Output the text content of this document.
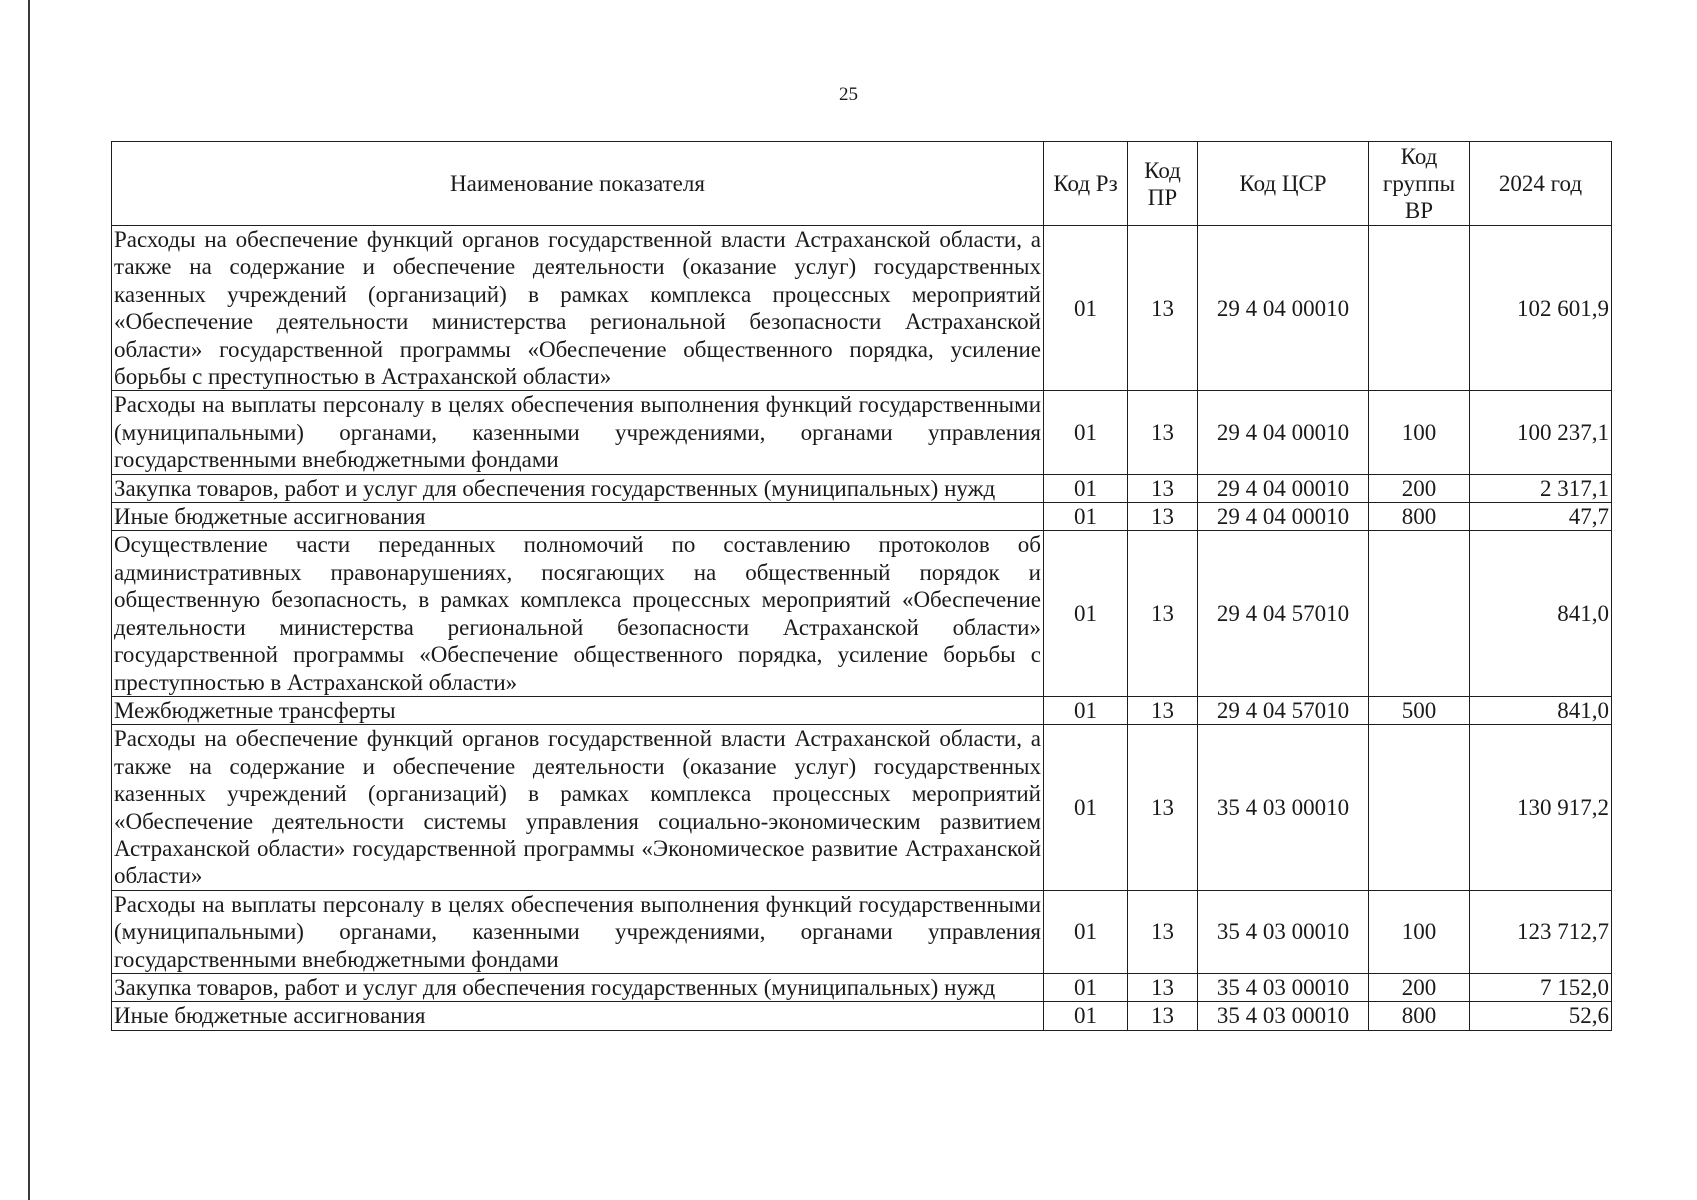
25
Наименование показателя	Код Рз	Код ПР	Код ЦСР	Код группы ВР	2024 год
Расходы на обеспечение функций органов государственной власти Астраханской области, а также на содержание и обеспечение деятельности (оказание услуг) государственных казенных учреждений (организаций) в рамках комплекса процессных мероприятий «Обеспечение деятельности министерства региональной безопасности Астраханской области» государственной программы «Обеспечение общественного порядка, усиление борьбы с преступностью в Астраханской области»	01	13	29 4 04 00010		102 601,9
Расходы на выплаты персоналу в целях обеспечения выполнения функций государственными (муниципальными) органами, казенными учреждениями, органами управления государственными внебюджетными фондами	01	13	29 4 04 00010	100	100 237,1
Закупка товаров, работ и услуг для обеспечения государственных (муниципальных) нужд	01	13	29 4 04 00010	200	2 317,1
Иные бюджетные ассигнования	01	13	29 4 04 00010	800	47,7
Осуществление части переданных полномочий по составлению протоколов об административных правонарушениях, посягающих на общественный порядок и общественную безопасность, в рамках комплекса процессных мероприятий «Обеспечение деятельности министерства региональной безопасности Астраханской области» государственной программы «Обеспечение общественного порядка, усиление борьбы с преступностью в Астраханской области»	01	13	29 4 04 57010		841,0
Межбюджетные трансферты	01	13	29 4 04 57010	500	841,0
Расходы на обеспечение функций органов государственной власти Астраханской области, а также на содержание и обеспечение деятельности (оказание услуг) государственных казенных учреждений (организаций) в рамках комплекса процессных мероприятий «Обеспечение деятельности системы управления социально-экономическим развитием Астраханской области» государственной программы «Экономическое развитие Астраханской области»	01	13	35 4 03 00010		130 917,2
Расходы на выплаты персоналу в целях обеспечения выполнения функций государственными (муниципальными) органами, казенными учреждениями, органами управления государственными внебюджетными фондами	01	13	35 4 03 00010	100	123 712,7
Закупка товаров, работ и услуг для обеспечения государственных (муниципальных) нужд	01	13	35 4 03 00010	200	7 152,0
Иные бюджетные ассигнования	01	13	35 4 03 00010	800	52,6
